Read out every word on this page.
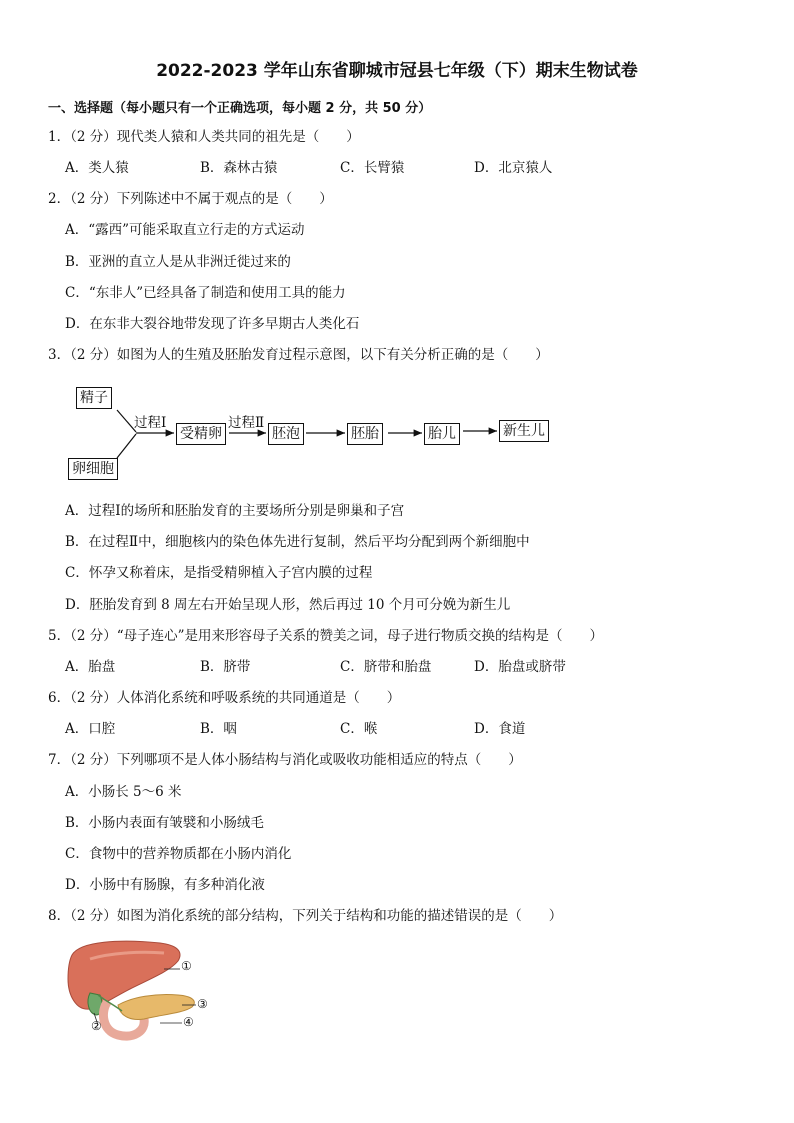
2022-2023 学年山东省聊城市冠县七年级（下）期末生物试卷
一、选择题（每小题只有一个正确选项，每小题 2 分，共 50 分）
1．（2 分）现代类人猿和人类共同的祖先是（　　）
A．类人猿	B．森林古猿	C．长臂猿	D．北京猿人
2．（2 分）下列陈述中不属于观点的是（　　）
A．“露西”可能采取直立行走的方式运动
B．亚洲的直立人是从非洲迁徙过来的
C．“东非人”已经具备了制造和使用工具的能力
D．在东非大裂谷地带发现了许多早期古人类化石
3．（2 分）如图为人的生殖及胚胎发育过程示意图，以下有关分析正确的是（　　）
精子
卵细胞
过程Ⅰ	过程Ⅱ
受精卵	胚泡	胚胎	胎儿	新生儿
A．过程Ⅰ的场所和胚胎发育的主要场所分别是卵巢和子宫
B．在过程Ⅱ中，细胞核内的染色体先进行复制，然后平均分配到两个新细胞中
C．怀孕又称着床，是指受精卵植入子宫内膜的过程
D．胚胎发育到 8 周左右开始呈现人形，然后再过 10 个月可分娩为新生儿
5．（2 分）“母子连心”是用来形容母子关系的赞美之词，母子进行物质交换的结构是（　　）
A．胎盘	B．脐带	C．脐带和胎盘	D．胎盘或脐带
6．（2 分）人体消化系统和呼吸系统的共同通道是（　　）
A．口腔	B．咽	C．喉	D．食道
7．（2 分）下列哪项不是人体小肠结构与消化或吸收功能相适应的特点（　　）
A．小肠长 5～6 米
B．小肠内表面有皱襞和小肠绒毛
C．食物中的营养物质都在小肠内消化
D．小肠中有肠腺，有多种消化液
8．（2 分）如图为消化系统的部分结构，下列关于结构和功能的描述错误的是（　　）
①
③
④
②
